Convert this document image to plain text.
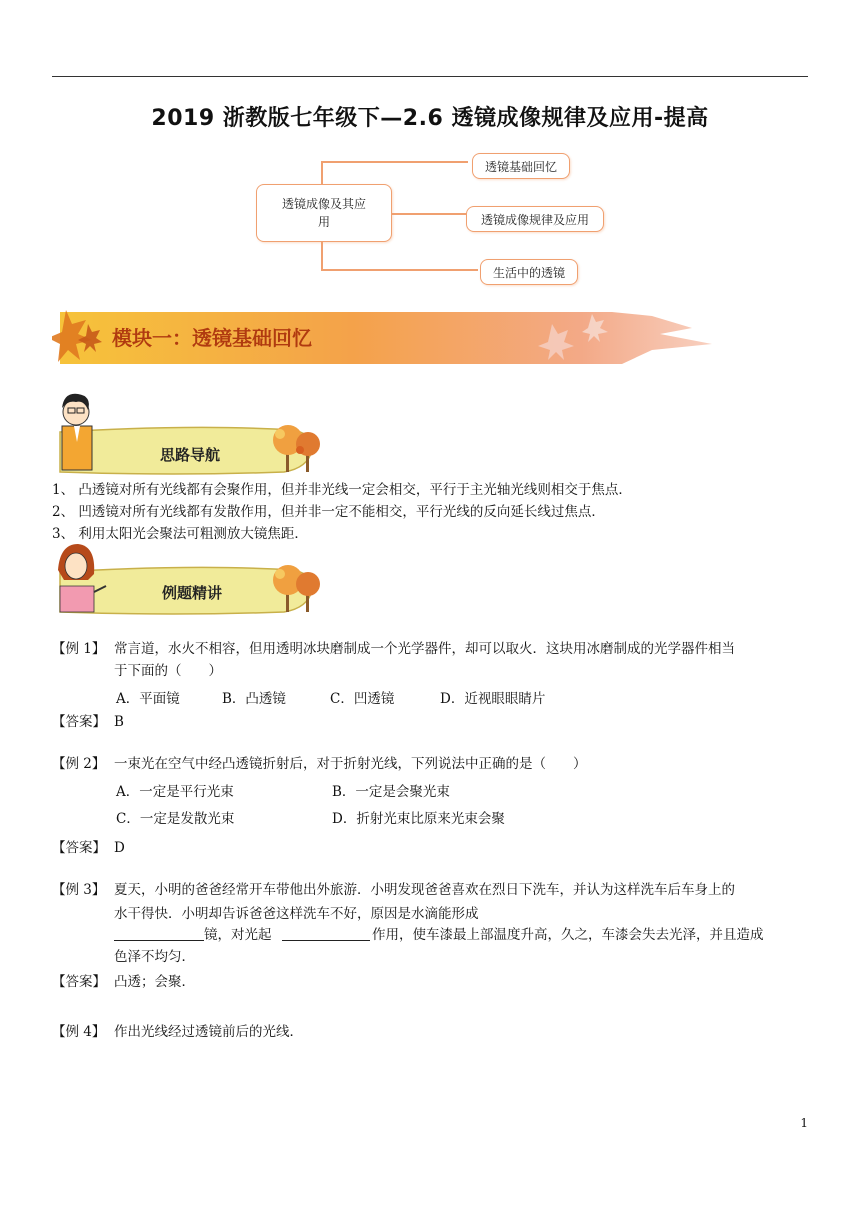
2019 浙教版七年级下—2.6 透镜成像规律及应用-提高
透镜成像及其应用
透镜基础回忆
透镜成像规律及应用
生活中的透镜
模块一：透镜基础回忆
思路导航
1、 凸透镜对所有光线都有会聚作用，但并非光线一定会相交，平行于主光轴光线则相交于焦点．
2、 凹透镜对所有光线都有发散作用，但并非一定不能相交，平行光线的反向延长线过焦点．
3、 利用太阳光会聚法可粗测放大镜焦距．
例题精讲
【例 1】 常言道，水火不相容，但用透明冰块磨制成一个光学器件，却可以取火．这块用冰磨制成的光学器件相当
于下面的（　　）
A．平面镜	B．凸透镜	C．凹透镜	D．近视眼眼睛片
【答案】 B
【例 2】 一束光在空气中经凸透镜折射后，对于折射光线，下列说法中正确的是（　　）
A．一定是平行光束	B．一定是会聚光束
C．一定是发散光束	D．折射光束比原来光束会聚
【答案】 D
【例 3】 夏天，小明的爸爸经常开车带他出外旅游．小明发现爸爸喜欢在烈日下洗车，并认为这样洗车后车身上的
水干得快．小明却告诉爸爸这样洗车不好，原因是水滴能形成
镜，对光起	作用，使车漆最上部温度升高，久之，车漆会失去光泽，并且造成
色泽不均匀．
【答案】 凸透；会聚．
【例 4】 作出光线经过透镜前后的光线．
1
